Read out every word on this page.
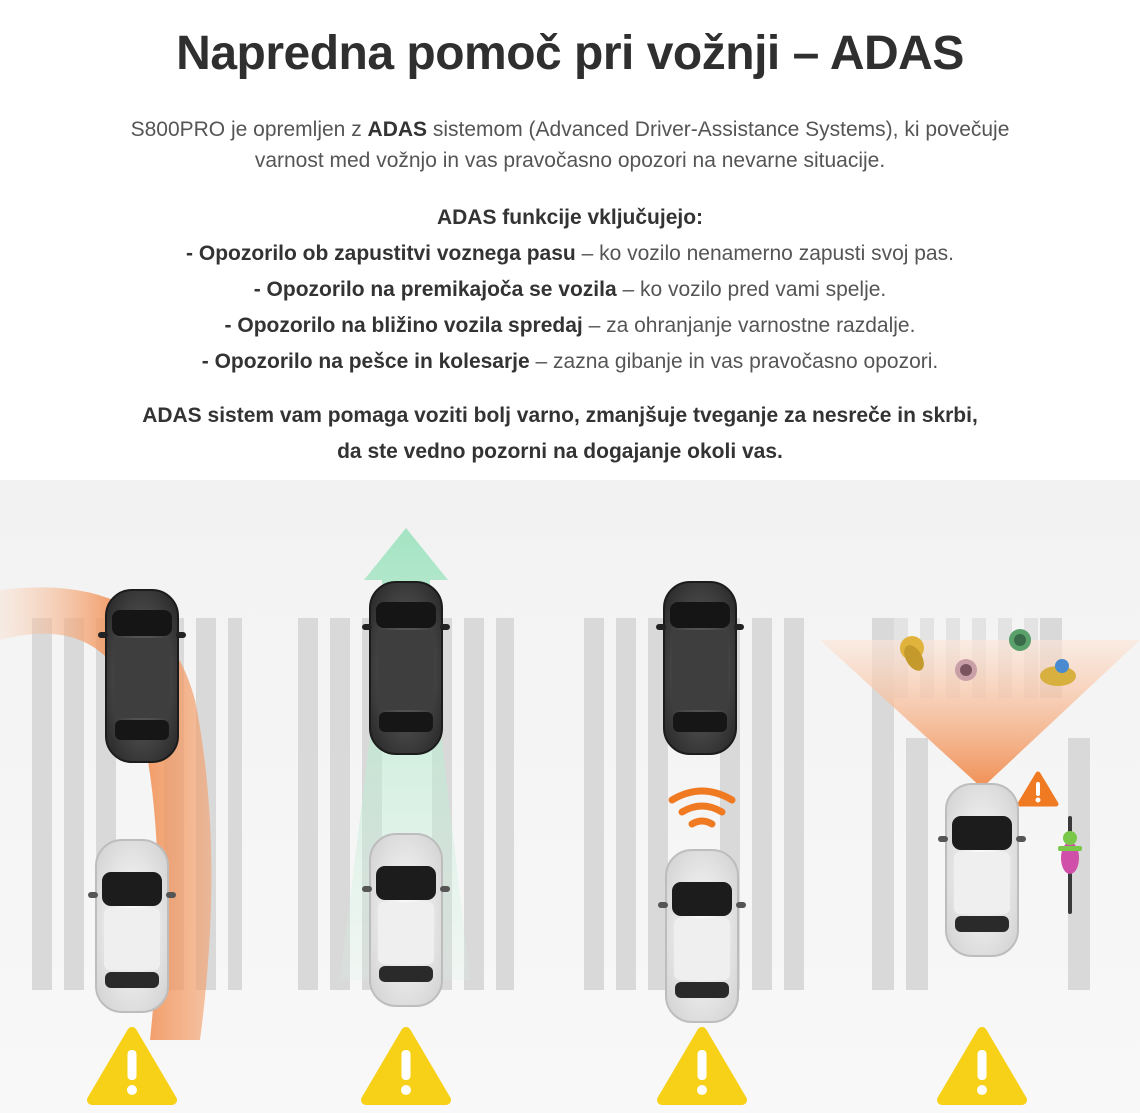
Napredna pomoč pri vožnji – ADAS
S800PRO je opremljen z ADAS sistemom (Advanced Driver-Assistance Systems), ki povečuje
varnost med vožnjo in vas pravočasno opozori na nevarne situacije.
ADAS funkcije vključujejo:
- Opozorilo ob zapustitvi voznega pasu – ko vozilo nenamerno zapusti svoj pas.
- Opozorilo na premikajoča se vozila – ko vozilo pred vami spelje.
- Opozorilo na bližino vozila spredaj – za ohranjanje varnostne razdalje.
- Opozorilo na pešce in kolesarje – zazna gibanje in vas pravočasno opozori.
ADAS sistem vam pomaga voziti bolj varno, zmanjšuje tveganje za nesreče in skrbi,
da ste vedno pozorni na dogajanje okoli vas.
